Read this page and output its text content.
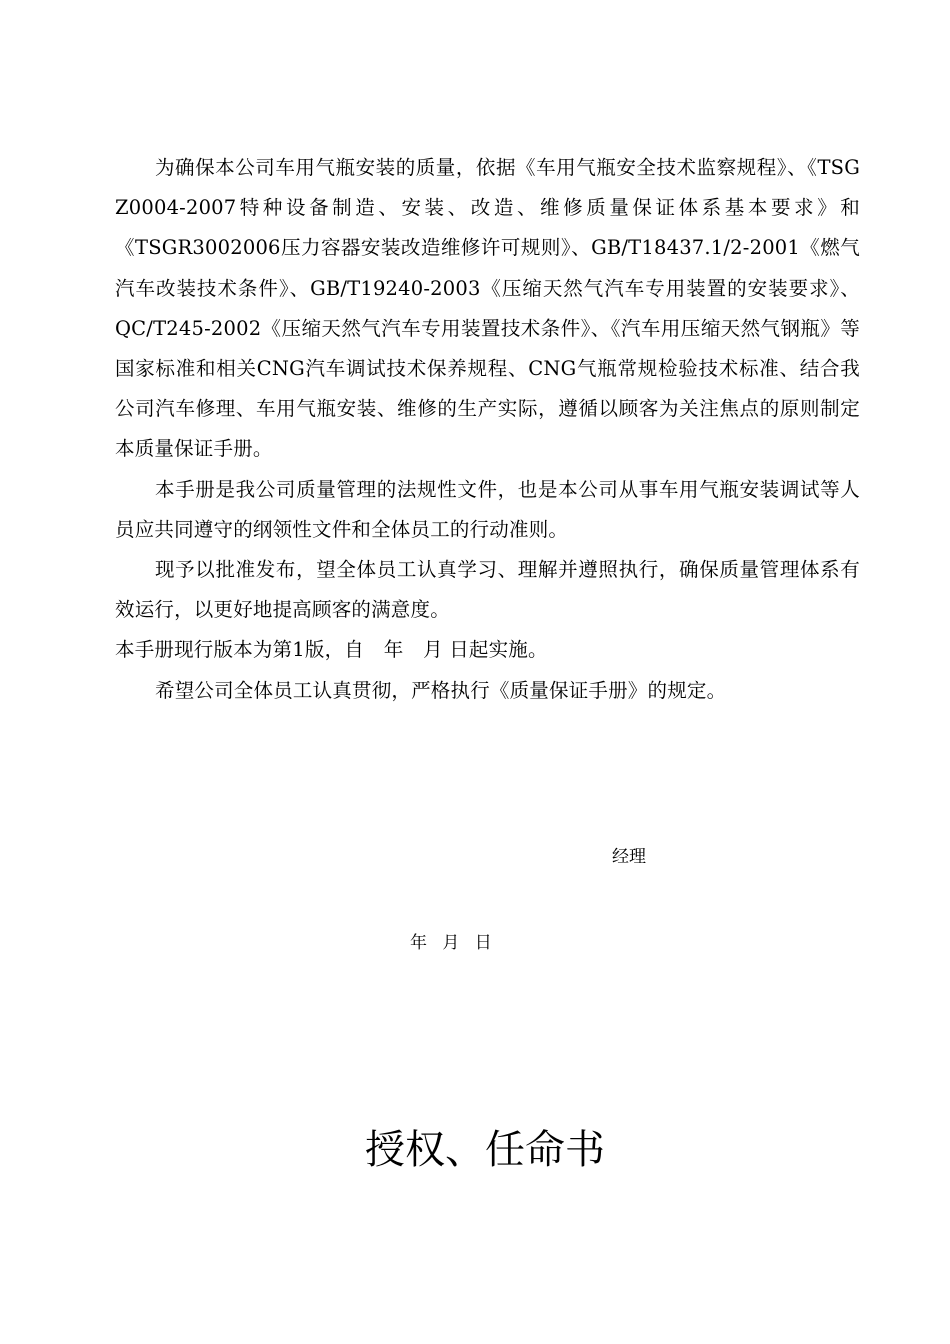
为确保本公司车用气瓶安装的质量，依据《车用气瓶安全技术监察规程》、《TSG Z0004-2007特种设备制造、安装、改造、维修质量保证体系基本要求》和《TSGR3002006压力容器安装改造维修许可规则》、GB/T18437.1/2-2001《燃气汽车改装技术条件》、GB/T19240-2003《压缩天然气汽车专用装置的安装要求》、QC/T245-2002《压缩天然气汽车专用装置技术条件》、《汽车用压缩天然气钢瓶》等国家标准和相关CNG汽车调试技术保养规程、CNG气瓶常规检验技术标准、结合我公司汽车修理、车用气瓶安装、维修的生产实际，遵循以顾客为关注焦点的原则制定本质量保证手册。

本手册是我公司质量管理的法规性文件，也是本公司从事车用气瓶安装调试等人员应共同遵守的纲领性文件和全体员工的行动准则。

现予以批准发布，望全体员工认真学习、理解并遵照执行，确保质量管理体系有效运行，以更好地提高顾客的满意度。

本手册现行版本为第1版，自　年　月 日起实施。

希望公司全体员工认真贯彻，严格执行《质量保证手册》的规定。

经理
年 月 日
授权、任命书
